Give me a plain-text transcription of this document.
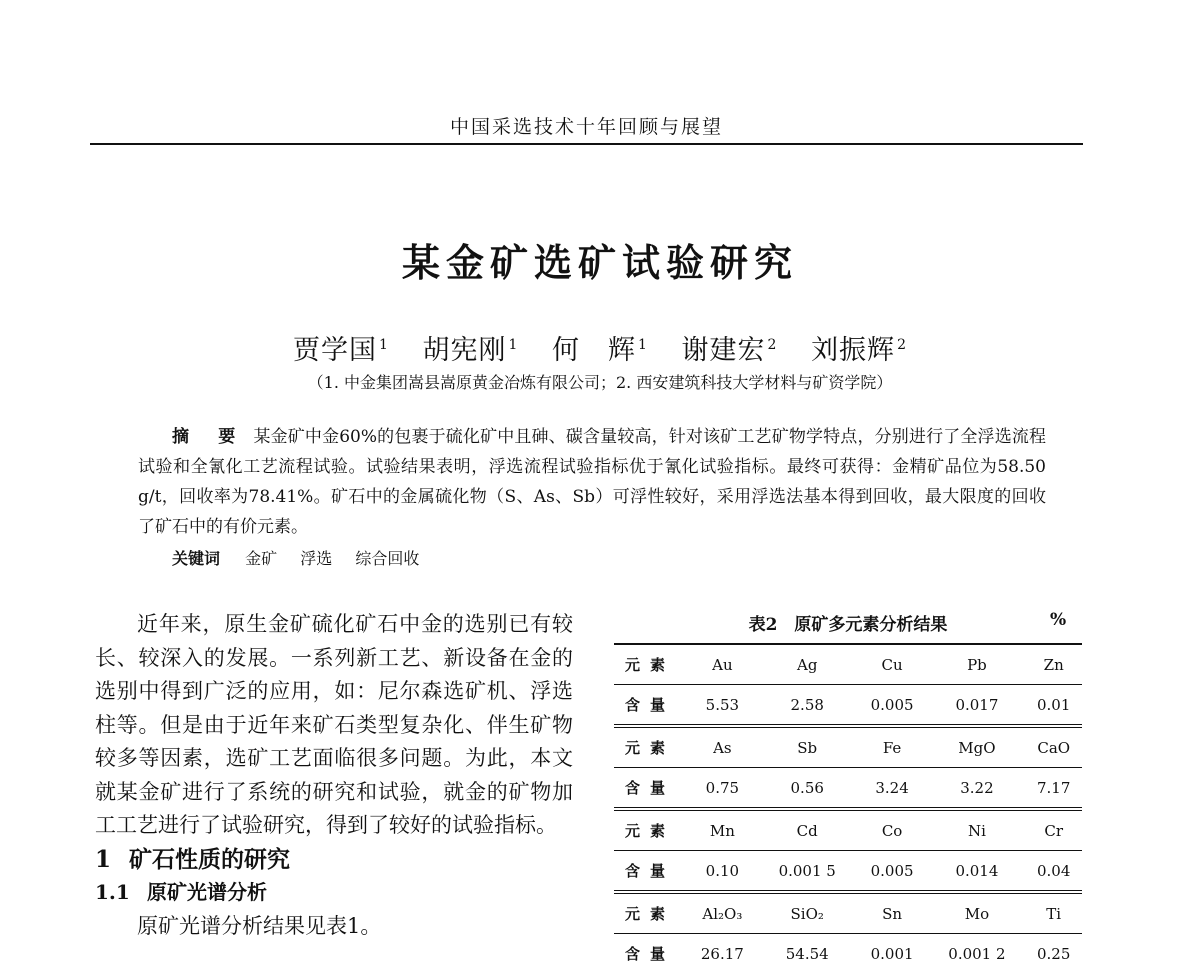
中国采选技术十年回顾与展望
某金矿选矿试验研究
贾学国 $^1$ 胡宪刚 $^1$ 何　辉 $^1$ 谢建宏 $^2$ 刘振辉 $^2$
（1. 中金集团嵩县嵩原黄金冶炼有限公司；2. 西安建筑科技大学材料与矿资学院）
摘　要 某金矿中金60%的包裹于硫化矿中且砷、碳含量较高，针对该矿工艺矿物学特点，分别进行了全浮选流程试验和全氰化工艺流程试验。试验结果表明，浮选流程试验指标优于氰化试验指标。最终可获得：金精矿品位为58.50 g/t，回收率为78.41%。矿石中的金属硫化物（S、As、Sb）可浮性较好，采用浮选法基本得到回收，最大限度的回收了矿石中的有价元素。
关键词 金矿 浮选 综合回收

近年来，原生金矿硫化矿石中金的选别已有较长、较深入的发展。一系列新工艺、新设备在金的选别中得到广泛的应用，如：尼尔森选矿机、浮选柱等。但是由于近年来矿石类型复杂化、伴生矿物较多等因素，选矿工艺面临很多问题。为此，本文就某金矿进行了系统的研究和试验，就金的矿物加工工艺进行了试验研究，得到了较好的试验指标。

1 矿石性质的研究

1.1 原矿光谱分析

原矿光谱分析结果见表1。

表2　原矿多元素分析结果	%
元素	Au	Ag	Cu	Pb	Zn
含量	5.53	2.58	0.005	0.017	0.01
元素	As	Sb	Fe	MgO	CaO
含量	0.75	0.56	3.24	3.22	7.17
元素	Mn	Cd	Co	Ni	Cr
含量	0.10	0.001 5	0.005	0.014	0.04
元素	Al₂O₃	SiO₂	Sn	Mo	Ti
含量	26.17	54.54	0.001	0.001 2	0.25
